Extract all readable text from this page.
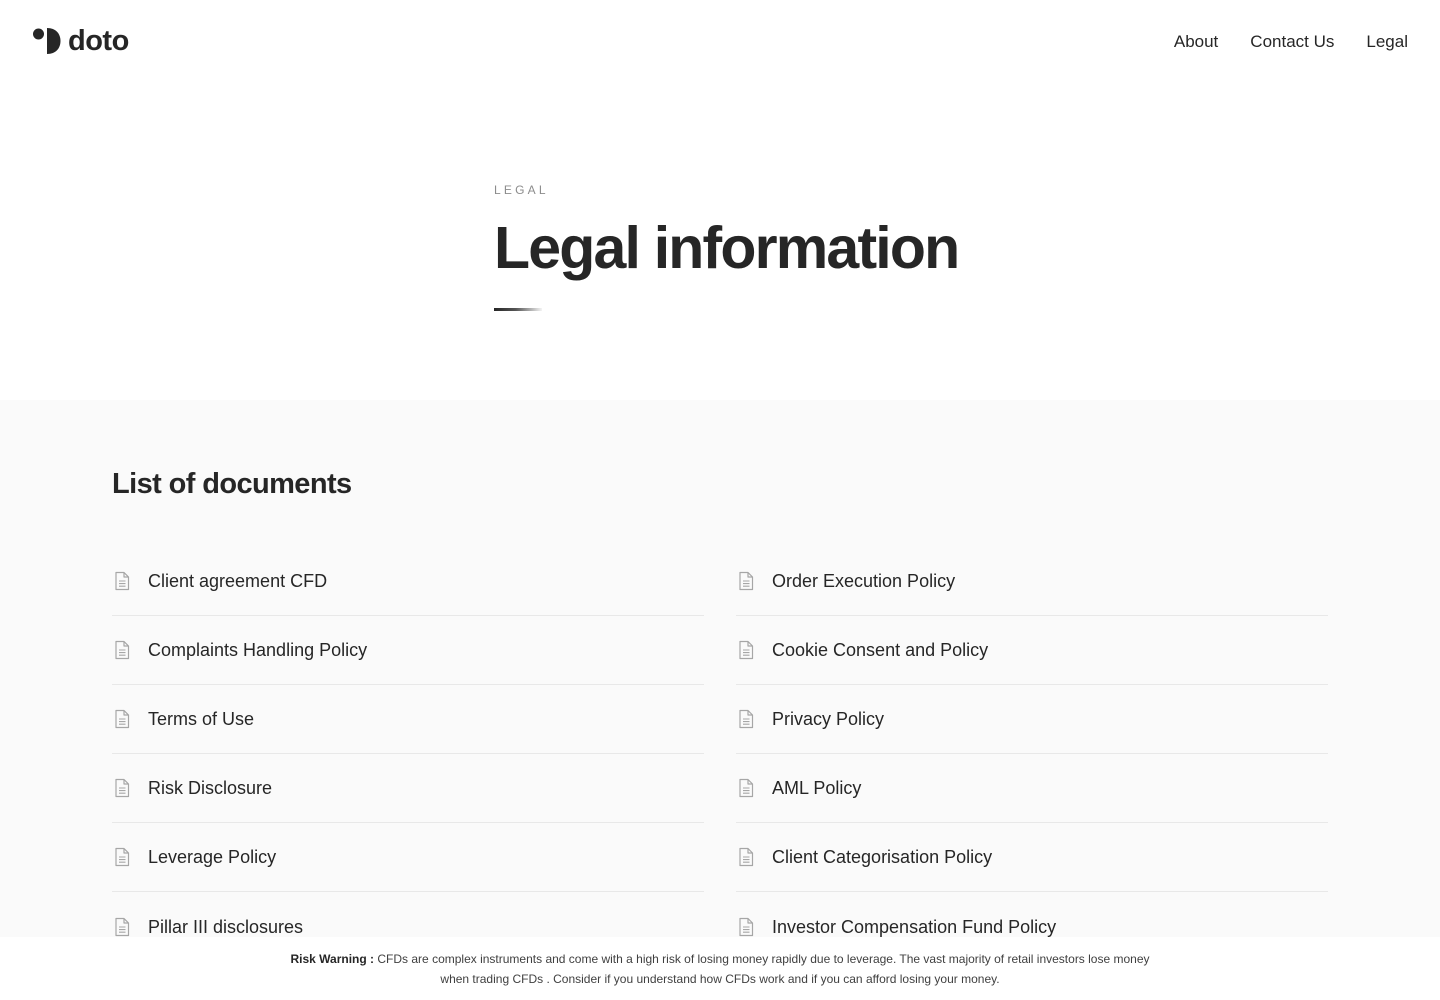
doto	About Contact Us Legal
LEGAL
Legal information
List of documents
Client agreement CFD
Complaints Handling Policy
Terms of Use
Risk Disclosure
Leverage Policy
Pillar III disclosures
Order Execution Policy
Cookie Consent and Policy
Privacy Policy
AML Policy
Client Categorisation Policy
Investor Compensation Fund Policy

Risk Warning : CFDs are complex instruments and come with a high risk of losing money rapidly due to leverage. The vast majority of retail investors lose money when trading CFDs . Consider if you understand how CFDs work and if you can afford losing your money.
